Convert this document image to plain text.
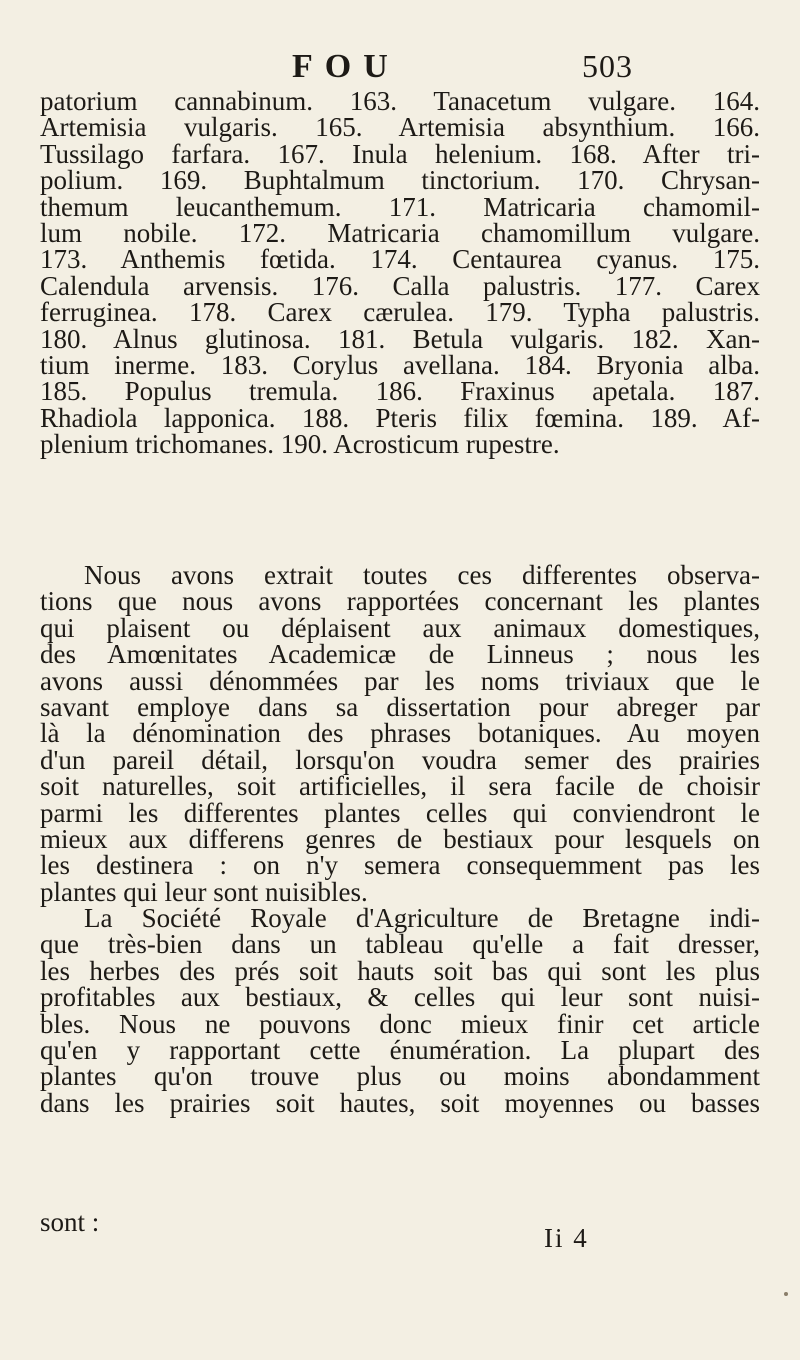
FOU	503
patorium cannabinum. 163. Tanacetum vulgare. 164.
Artemisia vulgaris. 165. Artemisia absynthium. 166.
Tussilago farfara. 167. Inula helenium. 168. After tri-
polium. 169. Buphtalmum tinctorium. 170. Chrysan-
themum leucanthemum. 171. Matricaria chamomil-
lum nobile. 172. Matricaria chamomillum vulgare.
173. Anthemis fœtida. 174. Centaurea cyanus. 175.
Calendula arvensis. 176. Calla palustris. 177. Carex
ferruginea. 178. Carex cærulea. 179. Typha palustris.
180. Alnus glutinosa. 181. Betula vulgaris. 182. Xan-
tium inerme. 183. Corylus avellana. 184. Bryonia alba.
185. Populus tremula. 186. Fraxinus apetala. 187.
Rhadiola lapponica. 188. Pteris filix fœmina. 189. Af-
plenium trichomanes. 190. Acrosticum rupestre.
Nous avons extrait toutes ces differentes observa-
tions que nous avons rapportées concernant les plantes
qui plaisent ou déplaisent aux animaux domestiques,
des Amœnitates Academicæ de Linneus ; nous les
avons aussi dénommées par les noms triviaux que le
savant employe dans sa dissertation pour abreger par
là la dénomination des phrases botaniques. Au moyen
d'un pareil détail, lorsqu'on voudra semer des prairies
soit naturelles, soit artificielles, il sera facile de choisir
parmi les differentes plantes celles qui conviendront le
mieux aux differens genres de bestiaux pour lesquels on
les destinera : on n'y semera consequemment pas les
plantes qui leur sont nuisibles.
La Société Royale d'Agriculture de Bretagne indi-
que très-bien dans un tableau qu'elle a fait dresser,
les herbes des prés soit hauts soit bas qui sont les plus
profitables aux bestiaux, & celles qui leur sont nuisi-
bles. Nous ne pouvons donc mieux finir cet article
qu'en y rapportant cette énumération. La plupart des
plantes qu'on trouve plus ou moins abondamment
dans les prairies soit hautes, soit moyennes ou basses
sont :
Ii 4
